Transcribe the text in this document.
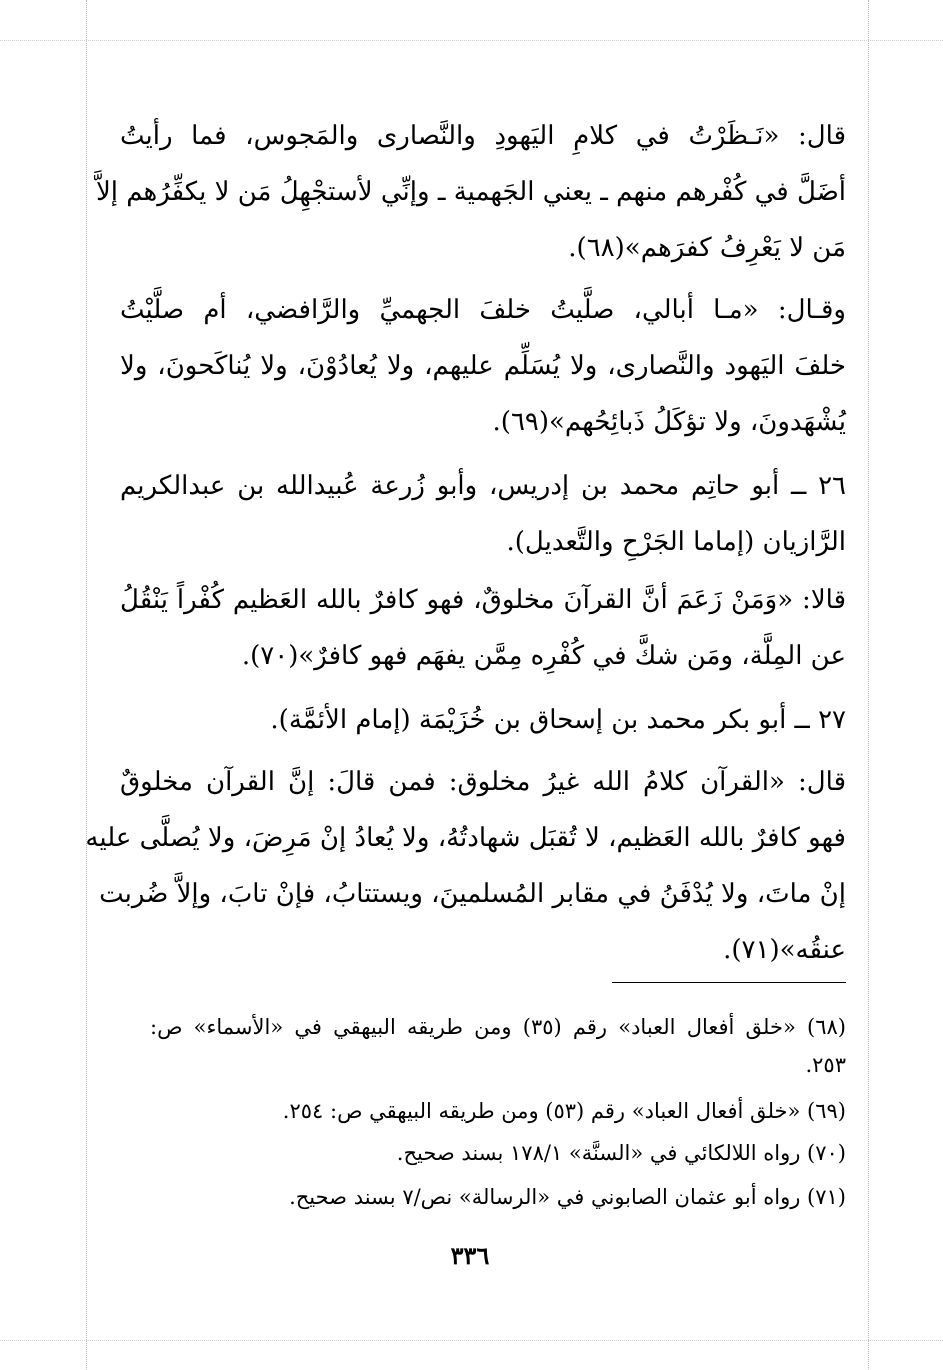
قال: «نَـظَرْتُ في كلامِ اليَهودِ والنَّصارى والمَجوس، فما رأيتُ
أضَلَّ في كُفْرهم منهم ـ يعني الجَهمية ـ وإنِّي لأستجْهِلُ مَن لا يكفِّرُهم إلاَّ
مَن لا يَعْرِفُ كفرَهم»(٦٨).
وقـال: «مـا أبالي، صلَّيتُ خلفَ الجهميِّ والرَّافضي، أم صلَّيْتُ
خلفَ اليَهود والنَّصارى، ولا يُسَلِّم عليهم، ولا يُعادُوْنَ، ولا يُناكَحونَ، ولا
يُشْهَدونَ، ولا تؤكَلُ ذَبائِحُهم»(٦٩).
٢٦ ــ أبو حاتِم محمد بن إدريس، وأبو زُرعة عُبيدالله بن عبدالكريم
الرَّازيان (إماما الجَرْحِ والتَّعديل).
قالا: «وَمَنْ زَعَمَ أنَّ القرآنَ مخلوقٌ، فهو كافرٌ بالله العَظيم كُفْراً يَنْقُلُ
عن المِلَّة، ومَن شكَّ في كُفْرِه مِمَّن يفهَم فهو كافرٌ»(٧٠).
٢٧ ــ أبو بكر محمد بن إسحاق بن خُزَيْمَة (إمام الأئمَّة).
قال: «القرآن كلامُ الله غيرُ مخلوق: فمن قالَ: إنَّ القرآن مخلوقٌ
فهو كافرٌ بالله العَظيم، لا تُقبَل شهادتُهُ، ولا يُعادُ إنْ مَرِضَ، ولا يُصلَّى عليه
إنْ ماتَ، ولا يُدْفَنُ في مقابر المُسلمينَ، ويستتابُ، فإنْ تابَ، وإلاَّ ضُربت
عنقُه»(٧١).
(٦٨) «خلق أفعال العباد» رقم (٣٥) ومن طريقه البيهقي في «الأسماء» ص:
٢٥٣.
(٦٩) «خلق أفعال العباد» رقم (٥٣) ومن طريقه البيهقي ص: ٢٥٤.
(٧٠) رواه اللالكائي في «السنَّة» ١٧٨/١ بسند صحيح.
(٧١) رواه أبو عثمان الصابوني في «الرسالة» نص/٧ بسند صحيح.
٣٣٦
